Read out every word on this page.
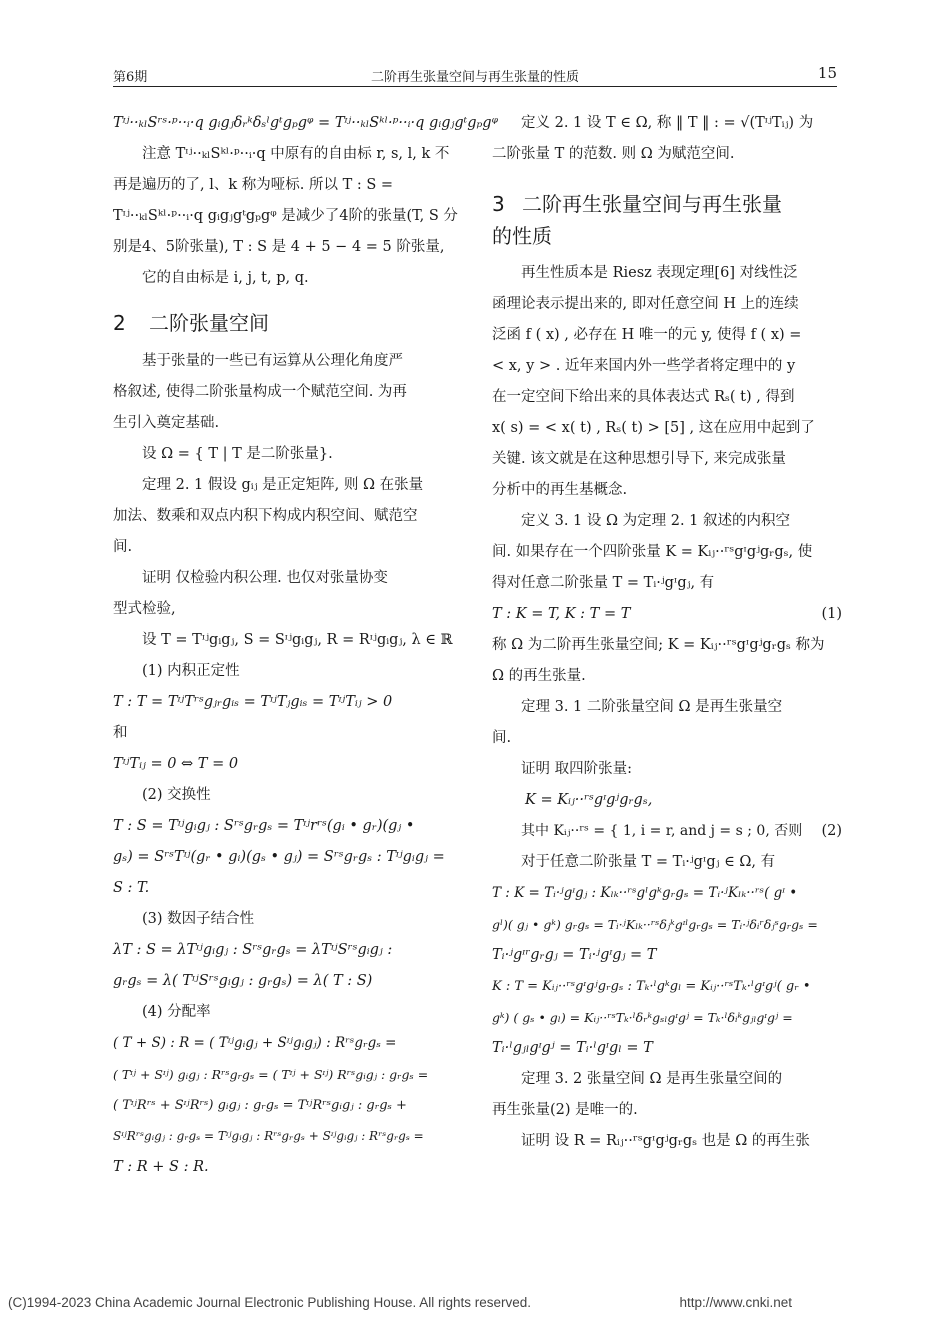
第6期	二阶再生张量空间与再生张量的性质	15
Tᶦʲ··ₖₗSʳˢ·ᵖ··ᵢ·q gᵢgⱼδᵣᵏδₛˡgᵗgₚgᵠ = Tᶦʲ··ₖₗSᵏˡ·ᵖ··ᵢ·q gᵢgⱼgᵗgₚgᵠ
注意 Tᶦʲ··ₖₗSᵏˡ·ᵖ··ᵢ·q 中原有的自由标 r, s, l, k 不
再是遍历的了, l、k 称为哑标. 所以 T : S =
Tᶦʲ··ₖₗSᵏˡ·ᵖ··ᵢ·q gᵢgⱼgᵗgₚgᵠ 是减少了4阶的张量(T, S 分
别是4、5阶张量), T : S 是 4 + 5 − 4 = 5 阶张量,
它的自由标是 i, j, t, p, q.
2 二阶张量空间
基于张量的一些已有运算从公理化角度严
格叙述, 使得二阶张量构成一个赋范空间. 为再
生引入奠定基础.
设 Ω = { T | T 是二阶张量}.
定理 2. 1 假设 gᵢⱼ 是正定矩阵, 则 Ω 在张量
加法、数乘和双点内积下构成内积空间、赋范空
间.
证明 仅检验内积公理. 也仅对张量协变
型式检验,
设 T = Tᶦʲgᵢgⱼ, S = Sᶦʲgᵢgⱼ, R = Rᶦʲgᵢgⱼ, λ ∈ ℝ
(1) 内积正定性
T : T = TᶦʲTʳˢgⱼᵣgᵢₛ = TᶦʲTⱼgᵢₛ = TᶦʲTᵢⱼ > 0
和
TᶦʲTᵢⱼ = 0 ⇔ T = 0
(2) 交换性
T : S = Tᶦʲgᵢgⱼ : Sʳˢgᵣgₛ = Tᶦʲrʳˢ(gᵢ • gᵣ)(gⱼ •
gₛ) = SʳˢTᶦʲ(gᵣ • gᵢ)(gₛ • gⱼ) = Sʳˢgᵣgₛ : Tᶦʲgᵢgⱼ =
S : T.
(3) 数因子结合性
λT : S = λTᶦʲgᵢgⱼ : Sʳˢgᵣgₛ = λTᶦʲSʳˢgᵢgⱼ :
gᵣgₛ = λ( TᶦʲSʳˢgᵢgⱼ : gᵣgₛ) = λ( T : S)
(4) 分配率
( T + S) : R = ( Tᶦʲgᵢgⱼ + Sᶦʲgᵢgⱼ) : Rʳˢgᵣgₛ =
( Tᶦʲ + Sᶦʲ) gᵢgⱼ : Rʳˢgᵣgₛ = ( Tᶦʲ + Sᶦʲ) Rʳˢgᵢgⱼ : gᵣgₛ =
( TᶦʲRʳˢ + SᶦʲRʳˢ) gᵢgⱼ : gᵣgₛ = TᶦʲRʳˢgᵢgⱼ : gᵣgₛ +
SᶦʲRʳˢgᵢgⱼ : gᵣgₛ = Tᶦʲgᵢgⱼ : Rʳˢgᵣgₛ + Sᶦʲgᵢgⱼ : Rʳˢgᵣgₛ =
T : R + S : R.
定义 2. 1 设 T ∈ Ω, 称 ‖ T ‖ : = √(TᶦʲTᵢⱼ) 为
二阶张量 T 的范数. 则 Ω 为赋范空间.
3 二阶再生张量空间与再生张量
的性质
再生性质本是 Riesz 表现定理[6] 对线性泛
函理论表示提出来的, 即对任意空间 H 上的连续
泛函 f ( x) , 必存在 H 唯一的元 y, 使得 f ( x) =
< x, y > . 近年来国内外一些学者将定理中的 y
在一定空间下给出来的具体表达式 Rₛ( t) , 得到
x( s) = < x( t) , Rₛ( t) > [5] , 这在应用中起到了
关键. 该文就是在这种思想引导下, 来完成张量
分析中的再生基概念.
定义 3. 1 设 Ω 为定理 2. 1 叙述的内积空
间. 如果存在一个四阶张量 K = Kᵢⱼ··ʳˢgᶦgʲgᵣgₛ, 使
得对任意二阶张量 T = Tᵢ·ʲgᶦgⱼ, 有
T : K = T, K : T = T	(1)
称 Ω 为二阶再生张量空间; K = Kᵢⱼ··ʳˢgᶦgʲgᵣgₛ 称为
Ω 的再生张量.
定理 3. 1 二阶张量空间 Ω 是再生张量空
间.
证明 取四阶张量:
K = Kᵢⱼ··ʳˢgᶦgʲgᵣgₛ,
其中 Kᵢⱼ··ʳˢ = { 1, i = r, and j = s ; 0, 否则 (2)
对于任意二阶张量 T = Tᵢ·ʲgᶦgⱼ ∈ Ω, 有
T : K = Tᵢ·ʲgᶦgⱼ : Kₗₖ··ʳˢgˡgᵏgᵣgₛ = Tᵢ·ʲKₗₖ··ʳˢ( gᶦ •
gˡ)( gⱼ • gᵏ) gᵣgₛ = Tᵢ·ʲKₗₖ··ʳˢδⱼᵏgᶦˡgᵣgₛ = Tᵢ·ʲδᵢʳδⱼˢgᵣgₛ =
Tᵢ·ʲgᶦʳgᵣgⱼ = Tᵢ·ʲgᶦgⱼ = T
K : T = Kᵢⱼ··ʳˢgᶦgʲgᵣgₛ : Tₖ·ˡgᵏgₗ = Kᵢⱼ··ʳˢTₖ·ˡgᶦgʲ( gᵣ •
gᵏ) ( gₛ • gₗ) = Kᵢⱼ··ʳˢTₖ·ˡδᵣᵏgₛₗgᶦgʲ = Tₖ·ˡδᵢᵏgⱼₗgᶦgʲ =
Tᵢ·ˡgⱼₗgᶦgʲ = Tᵢ·ˡgᶦgₗ = T
定理 3. 2 张量空间 Ω 是再生张量空间的
再生张量(2) 是唯一的.
证明 设 R = Rᵢⱼ··ʳˢgᶦgʲgᵣgₛ 也是 Ω 的再生张
(C)1994-2023 China Academic Journal Electronic Publishing House. All rights reserved.	http://www.cnki.net
